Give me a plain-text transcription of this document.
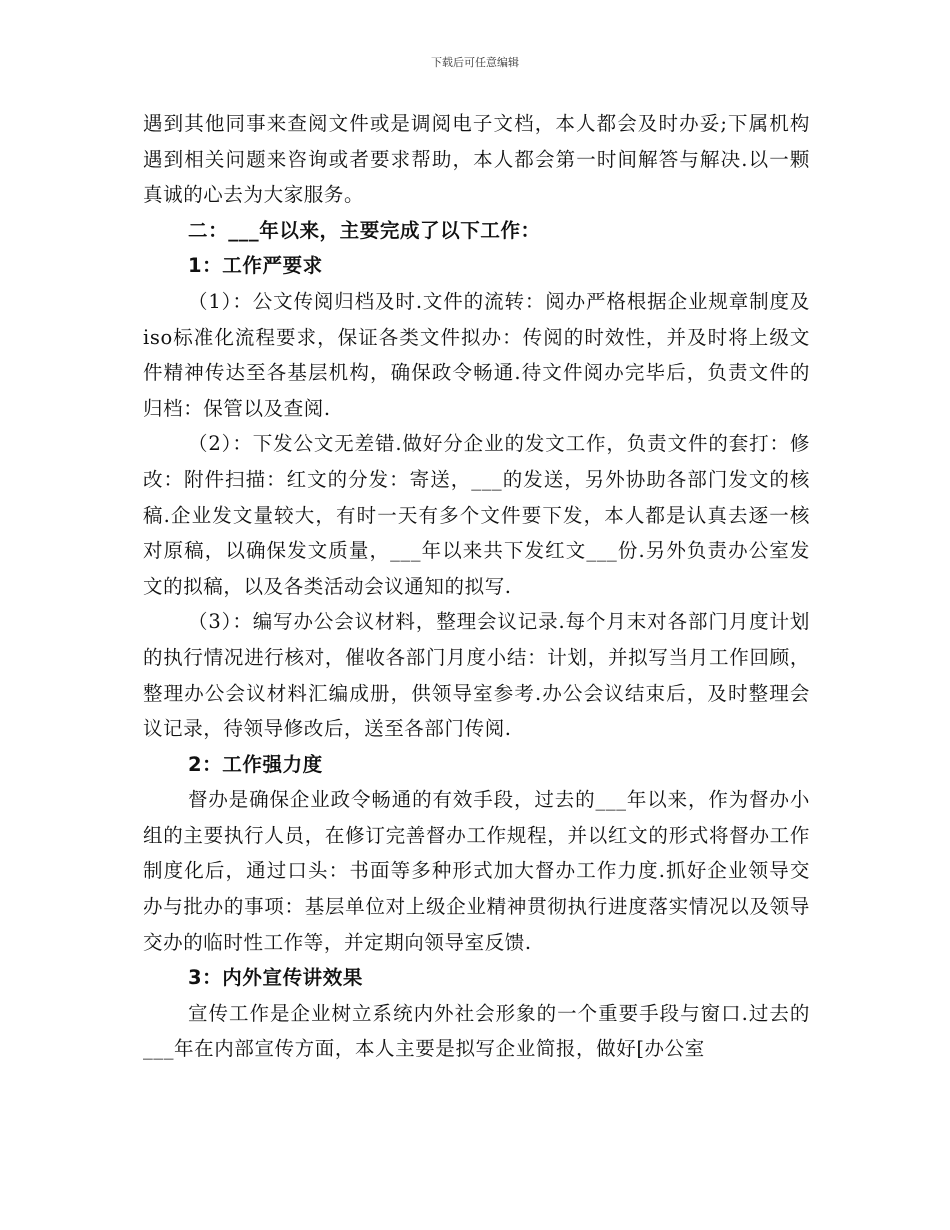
下载后可任意编辑

遇到其他同事来查阅文件或是调阅电子文档，本人都会及时办妥;下属机构遇到相关问题来咨询或者要求帮助，本人都会第一时间解答与解决.以一颗真诚的心去为大家服务。

二：___年以来，主要完成了以下工作：

1：工作严要求

（1）：公文传阅归档及时.文件的流转：阅办严格根据企业规章制度及iso标准化流程要求，保证各类文件拟办：传阅的时效性，并及时将上级文件精神传达至各基层机构，确保政令畅通.待文件阅办完毕后，负责文件的归档：保管以及查阅.

（2）：下发公文无差错.做好分企业的发文工作，负责文件的套打：修改：附件扫描：红文的分发：寄送，___的发送，另外协助各部门发文的核稿.企业发文量较大，有时一天有多个文件要下发，本人都是认真去逐一核对原稿，以确保发文质量，___年以来共下发红文___份.另外负责办公室发文的拟稿，以及各类活动会议通知的拟写.

（3）：编写办公会议材料，整理会议记录.每个月末对各部门月度计划的执行情况进行核对，催收各部门月度小结：计划，并拟写当月工作回顾，整理办公会议材料汇编成册，供领导室参考.办公会议结束后，及时整理会议记录，待领导修改后，送至各部门传阅.

2：工作强力度

督办是确保企业政令畅通的有效手段，过去的___年以来，作为督办小组的主要执行人员，在修订完善督办工作规程，并以红文的形式将督办工作制度化后，通过口头：书面等多种形式加大督办工作力度.抓好企业领导交办与批办的事项：基层单位对上级企业精神贯彻执行进度落实情况以及领导交办的临时性工作等，并定期向领导室反馈.

3：内外宣传讲效果

宣传工作是企业树立系统内外社会形象的一个重要手段与窗口.过去的___年在内部宣传方面，本人主要是拟写企业简报，做好[办公室
